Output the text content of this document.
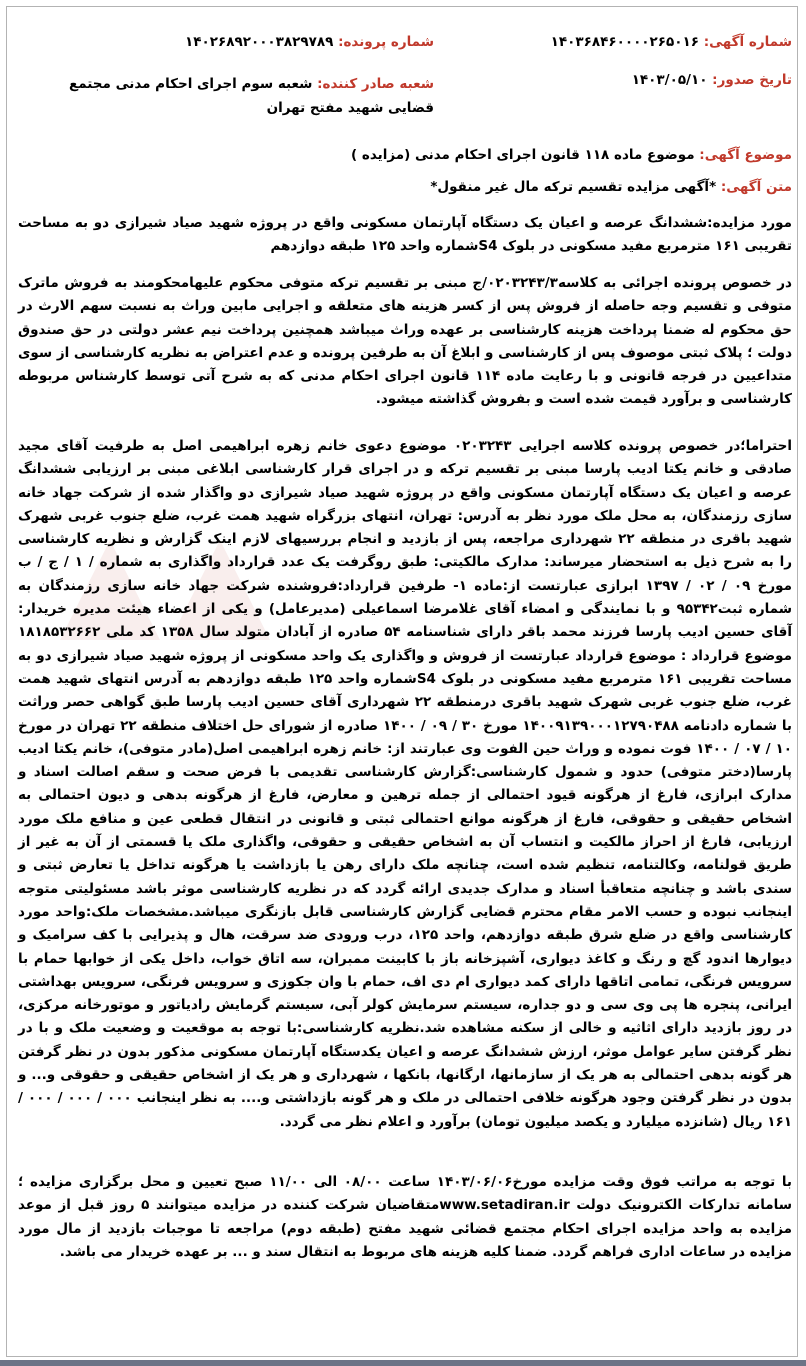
شماره آگهی: ۱۴۰۳۶۸۴۶۰۰۰۰۲۶۵۰۱۶
شماره پرونده: ۱۴۰۲۶۸۹۲۰۰۰۳۸۲۹۷۸۹
تاریخ صدور: ۱۴۰۳/۰۵/۱۰
شعبه صادر کننده: شعبه سوم اجرای احکام مدنی مجتمع قضایی شهید مفتح تهران
موضوع آگهی: موضوع ماده ۱۱۸ قانون اجرای احکام مدنی (مزایده )
متن آگهی: *آگهی مزایده تقسیم ترکه مال غیر منقول*
مورد مزایده:ششدانگ عرصه و اعیان یک دستگاه آپارتمان مسکونی واقع در پروژه شهید صیاد شیرازی دو به مساحت تقریبی ۱۶۱ مترمربع مفید مسکونی در بلوک S4شماره واحد ۱۲۵ طبقه دوازدهم
در خصوص پرونده اجرائی به کلاسه۰۲۰۳۲۴۳/۳/ج مبنی بر تقسیم ترکه متوفی محکوم علیهامحکومند به فروش ماترک متوفی و تقسیم وجه حاصله از فروش پس از کسر هزینه های متعلقه و اجرایی مابین وراث به نسبت سهم الارث در حق محکوم له ضمنا پرداخت هزینه کارشناسی بر عهده وراث میباشد همچنین پرداخت نیم عشر دولتی در حق صندوق دولت ؛ پلاک ثبتی موصوف پس از کارشناسی و ابلاغ آن به طرفین پرونده و عدم اعتراض به نظریه کارشناسی از سوی متداعیین در فرجه قانونی و با رعایت ماده ۱۱۴ قانون اجرای احکام مدنی که به شرح آتی توسط کارشناس مربوطه کارشناسی و برآورد قیمت شده است و بفروش گذاشته میشود.
احتراما؛در خصوص پرونده کلاسه اجرایی ۰۲۰۳۲۴۳ موضوع دعوی خانم زهره ابراهیمی اصل به طرفیت آقای مجید صادقی و خانم یکتا ادیب پارسا مبنی بر تقسیم ترکه و در اجرای قرار کارشناسی ابلاغی مبنی بر ارزیابی ششدانگ عرصه و اعیان یک دستگاه آپارتمان مسکونی واقع در پروژه شهید صیاد شیرازی دو واگذار شده از شرکت جهاد خانه سازی رزمندگان، به محل ملک مورد نظر به آدرس: تهران، انتهای بزرگراه شهید همت غرب، ضلع جنوب غربی شهرک شهید باقری در منطقه ۲۲ شهرداری مراجعه، پس از بازدید و انجام بررسیهای لازم اینک گزارش و نظریه کارشناسی را به شرح ذیل به استحضار میرساند: مدارک مالکیتی: طبق روگرفت یک عدد قرارداد واگذاری به شماره / ۱ / ج / ب مورخ ۰۹ / ۰۲ / ۱۳۹۷ ابرازی عبارتست از:ماده ۱- طرفین قرارداد:فروشنده شرکت جهاد خانه سازی رزمندگان به شماره ثبت۹۵۳۴۲ و با نمایندگی و امضاء آقای غلامرضا اسماعیلی (مدیرعامل) و یکی از اعضاء هیئت مدیره خریدار: آقای حسین ادیب پارسا فرزند محمد باقر دارای شناسنامه ۵۴ صادره از آبادان متولد سال ۱۳۵۸ کد ملی ۱۸۱۸۵۳۲۶۶۲ موضوع قرارداد : موضوع قرارداد عبارتست از فروش و واگذاری یک واحد مسکونی از پروژه شهید صیاد شیرازی دو به مساحت تقریبی ۱۶۱ مترمربع مفید مسکونی در بلوک S4شماره واحد ۱۲۵ طبقه دوازدهم به آدرس انتهای شهید همت غرب، ضلع جنوب غربی شهرک شهید باقری درمنطقه ۲۲ شهرداری آقای حسین ادیب پارسا طبق گواهی حصر وراثت با شماره دادنامه ۱۴۰۰۹۱۳۹۰۰۰۱۲۷۹۰۴۸۸ مورخ ۳۰ / ۰۹ / ۱۴۰۰ صادره از شورای حل اختلاف منطقه ۲۲ تهران در مورخ ۱۰ / ۰۷ / ۱۴۰۰ فوت نموده و وراث حین الفوت وی عبارتند از: خانم زهره ابراهیمی اصل(مادر متوفی)، خانم یکتا ادیب پارسا(دختر متوفی) حدود و شمول کارشناسی:گزارش کارشناسی تقدیمی با فرض صحت و سقم اصالت اسناد و مدارک ابرازی، فارغ از هرگونه قیود احتمالی از جمله ترهین و معارض، فارغ از هرگونه بدهی و دیون احتمالی به اشخاص حقیقی و حقوقی، فارغ از هرگونه موانع احتمالی ثبتی و قانونی در انتقال قطعی عین و منافع ملک مورد ارزیابی، فارغ از احراز مالکیت و انتساب آن به اشخاص حقیقی و حقوقی، واگذاری ملک یا قسمتی از آن به غیر از طریق قولنامه، وکالتنامه، تنظیم شده است، چنانچه ملک دارای رهن یا بازداشت یا هرگونه تداخل یا تعارض ثبتی و سندی باشد و چنانچه متعاقبأ اسناد و مدارک جدیدی ارائه گردد که در نظریه کارشناسی موثر باشد مسئولیتی متوجه اینجانب نبوده و حسب الامر مقام محترم قضایی گزارش کارشناسی قابل بازنگری میباشد.مشخصات ملک:واحد مورد کارشناسی واقع در ضلع شرق طبقه دوازدهم، واحد ۱۲۵، درب ورودی ضد سرقت، هال و پذیرایی با کف سرامیک و دیوارها اندود گچ و رنگ و کاغذ دیواری، آشپزخانه باز با کابینت ممبران، سه اتاق خواب، داخل یکی از خوابها حمام با سرویس فرنگی، تمامی اتاقها دارای کمد دیواری ام دی اف، حمام با وان جکوزی و سرویس فرنگی، سرویس بهداشتی ایرانی، پنجره ها پی وی سی و دو جداره، سیستم سرمایش کولر آبی، سیستم گرمایش رادیاتور و موتورخانه مرکزی، در روز بازدید دارای اثاثیه و خالی از سکنه مشاهده شد.نظریه کارشناسی:با توجه به موقعیت و وضعیت ملک و با در نظر گرفتن سایر عوامل موثر، ارزش ششدانگ عرصه و اعیان یکدستگاه آپارتمان مسکونی مذکور بدون در نظر گرفتن هر گونه بدهی احتمالی به هر یک از سازمانها، ارگانها، بانکها ، شهرداری و هر یک از اشخاص حقیقی و حقوقی و... و بدون در نظر گرفتن وجود هرگونه خلافی احتمالی در ملک و هر گونه بازداشتی و.... به نظر اینجانب ۰۰۰ / ۰۰۰ / ۰۰۰ / ۱۶۱ ریال (شانزده میلیارد و یکصد میلیون تومان) برآورد و اعلام نظر می گردد.
با توجه به مراتب فوق وقت مزایده مورخ۱۴۰۳/۰۶/۰۶ ساعت ۰۸/۰۰ الی ۱۱/۰۰ صبح تعیین و محل برگزاری مزایده ؛سامانه تدارکات الکترونیک دولت www.setadiran.irمتقاضیان شرکت کننده در مزایده میتوانند ۵ روز قبل از موعد مزایده به واحد مزایده اجرای احکام مجتمع قضائی شهید مفتح (طبقه دوم) مراجعه تا موجبات بازدید از مال مورد مزایده در ساعات اداری فراهم گردد. ضمنا کلیه هزینه های مربوط به انتقال سند و ... بر عهده خریدار می باشد.
